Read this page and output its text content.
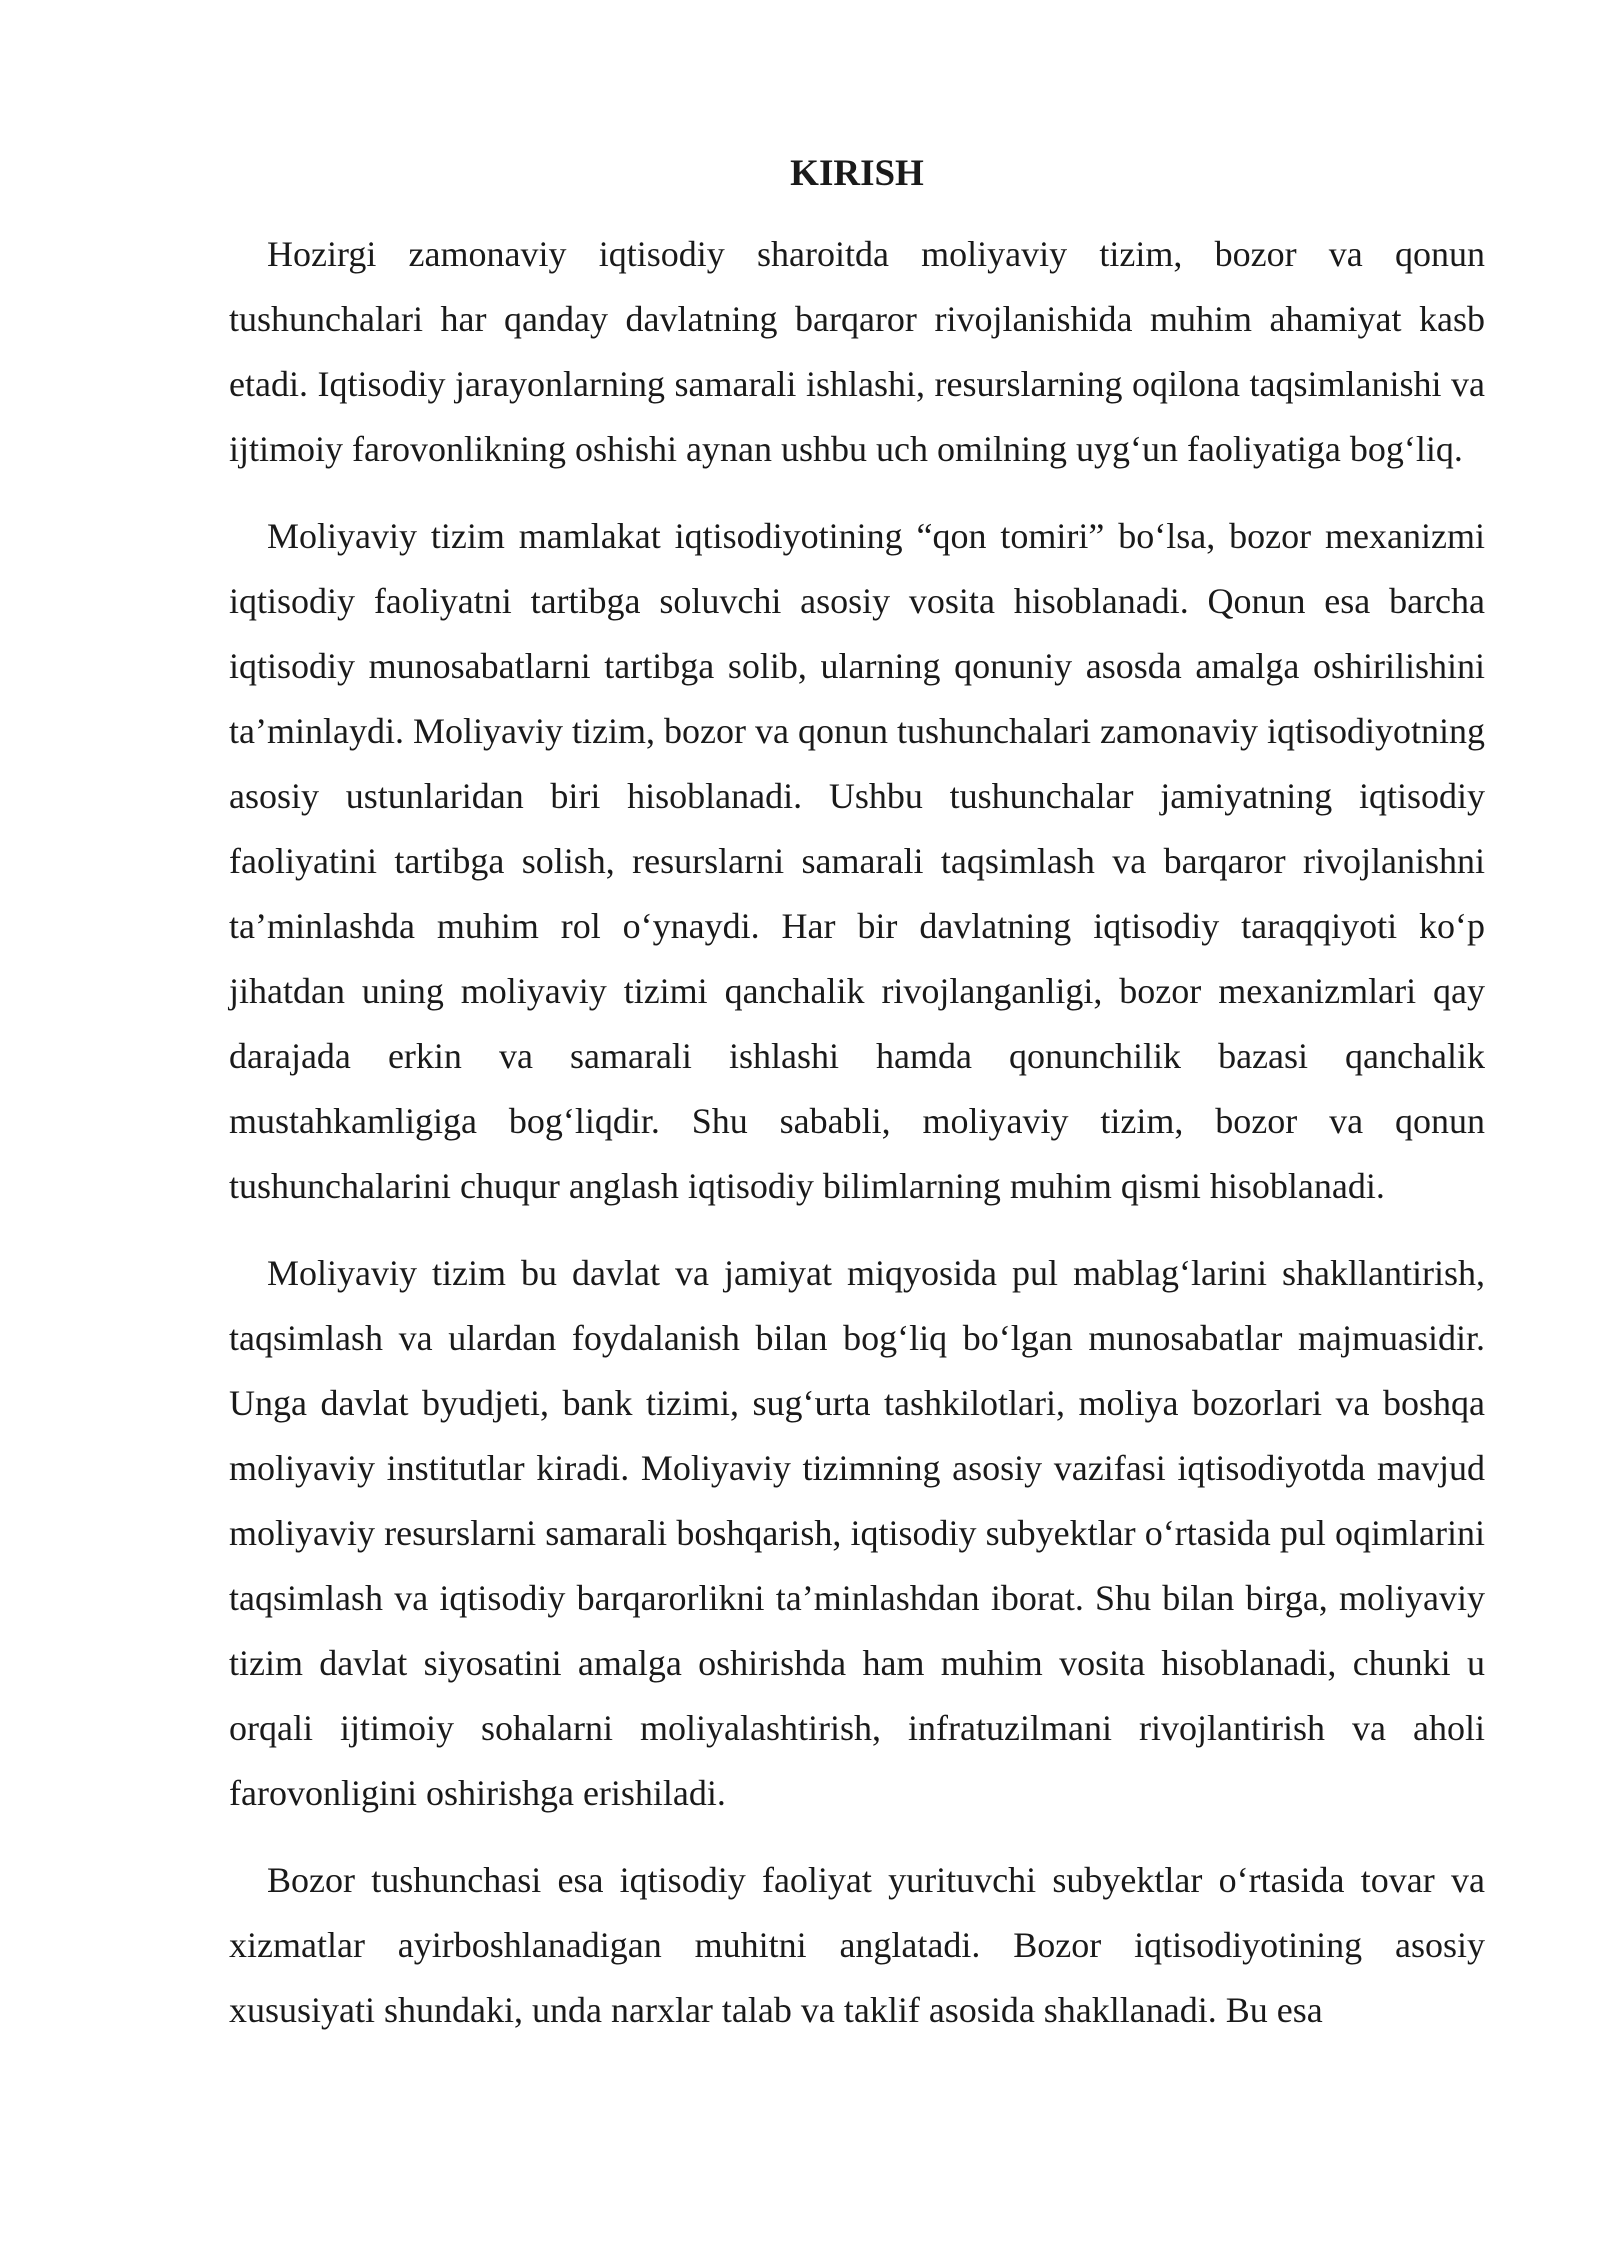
KIRISH

Hozirgi zamonaviy iqtisodiy sharoitda moliyaviy tizim, bozor va qonun tushunchalari har qanday davlatning barqaror rivojlanishida muhim ahamiyat kasb etadi. Iqtisodiy jarayonlarning samarali ishlashi, resurslarning oqilona taqsimlanishi va ijtimoiy farovonlikning oshishi aynan ushbu uch omilning uyg‘un faoliyatiga bog‘liq.

Moliyaviy tizim mamlakat iqtisodiyotining “qon tomiri” bo‘lsa, bozor mexanizmi iqtisodiy faoliyatni tartibga soluvchi asosiy vosita hisoblanadi. Qonun esa barcha iqtisodiy munosabatlarni tartibga solib, ularning qonuniy asosda amalga oshirilishini ta’minlaydi. Moliyaviy tizim, bozor va qonun tushunchalari zamonaviy iqtisodiyotning asosiy ustunlaridan biri hisoblanadi. Ushbu tushunchalar jamiyatning iqtisodiy faoliyatini tartibga solish, resurslarni samarali taqsimlash va barqaror rivojlanishni ta’minlashda muhim rol o‘ynaydi. Har bir davlatning iqtisodiy taraqqiyoti ko‘p jihatdan uning moliyaviy tizimi qanchalik rivojlanganligi, bozor mexanizmlari qay darajada erkin va samarali ishlashi hamda qonunchilik bazasi qanchalik mustahkamligiga bog‘liqdir. Shu sababli, moliyaviy tizim, bozor va qonun tushunchalarini chuqur anglash iqtisodiy bilimlarning muhim qismi hisoblanadi.

Moliyaviy tizim bu davlat va jamiyat miqyosida pul mablag‘larini shakllantirish, taqsimlash va ulardan foydalanish bilan bog‘liq bo‘lgan munosabatlar majmuasidir. Unga davlat byudjeti, bank tizimi, sug‘urta tashkilotlari, moliya bozorlari va boshqa moliyaviy institutlar kiradi. Moliyaviy tizimning asosiy vazifasi iqtisodiyotda mavjud moliyaviy resurslarni samarali boshqarish, iqtisodiy subyektlar o‘rtasida pul oqimlarini taqsimlash va iqtisodiy barqarorlikni ta’minlashdan iborat. Shu bilan birga, moliyaviy tizim davlat siyosatini amalga oshirishda ham muhim vosita hisoblanadi, chunki u orqali ijtimoiy sohalarni moliyalashtirish, infratuzilmani rivojlantirish va aholi farovonligini oshirishga erishiladi.

Bozor tushunchasi esa iqtisodiy faoliyat yurituvchi subyektlar o‘rtasida tovar va xizmatlar ayirboshlanadigan muhitni anglatadi. Bozor iqtisodiyotining asosiy xususiyati shundaki, unda narxlar talab va taklif asosida shakllanadi. Bu esa
